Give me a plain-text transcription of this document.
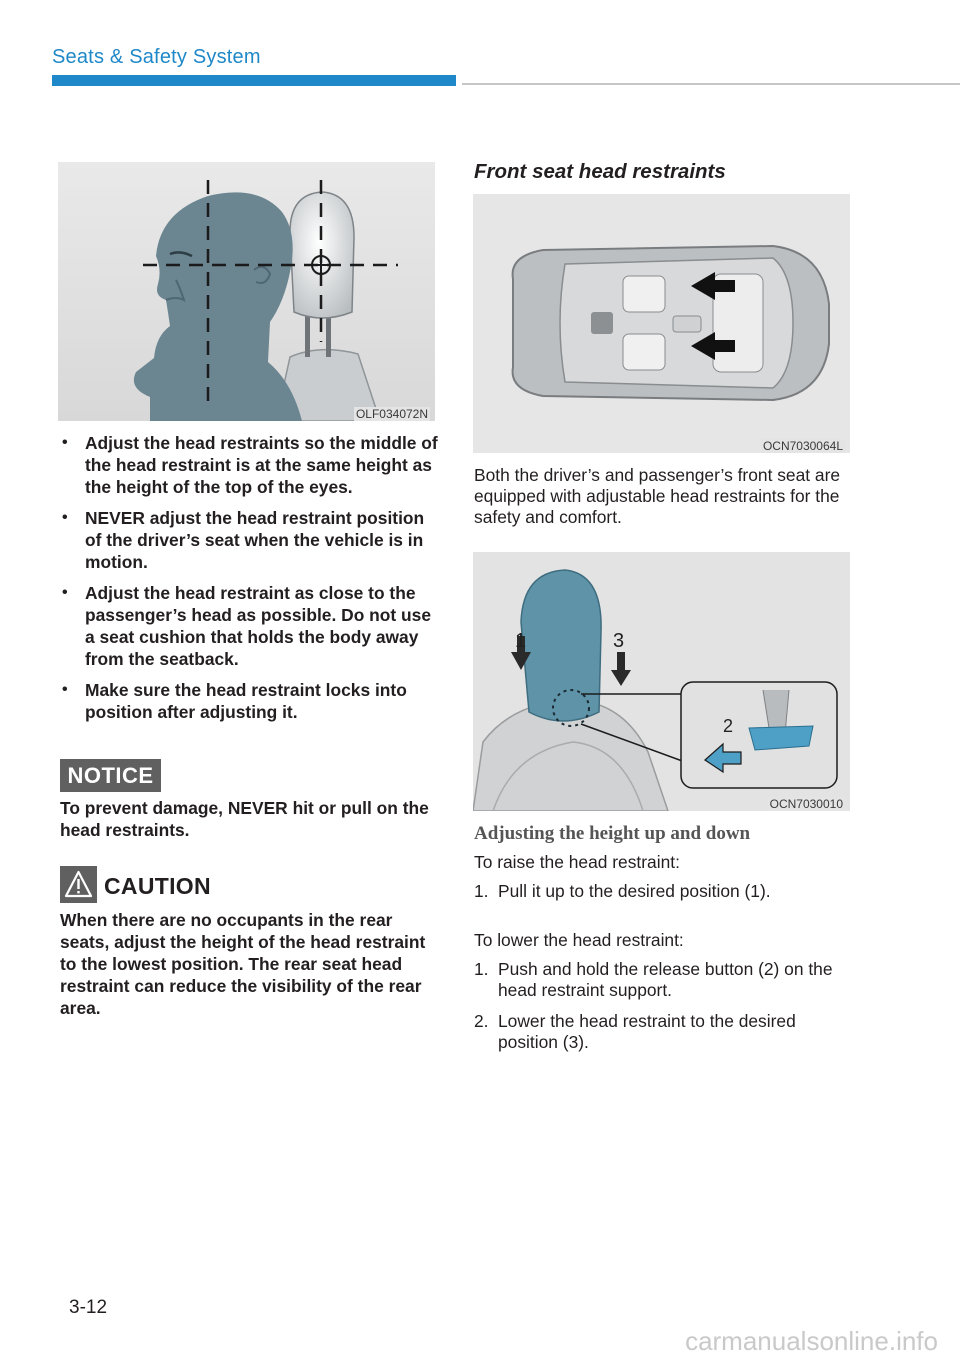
Seats & Safety System
OLF034072N
• Adjust the head restraints so the middle of the head restraint is at the same height as the height of the top of the eyes.
• NEVER adjust the head restraint position of the driver’s seat when the vehicle is in motion.
• Adjust the head restraint as close to the passenger’s head as possible. Do not use a seat cushion that holds the body away from the seatback.
• Make sure the head restraint locks into position after adjusting it.
NOTICE
To prevent damage, NEVER hit or pull on the head restraints.
CAUTION
When there are no occupants in the rear seats, adjust the height of the head restraint to the lowest position. The rear seat head restraint can reduce the visibility of the rear area.
Front seat head restraints
OCN7030064L
Both the driver’s and passenger’s front seat are equipped with adjustable head restraints for the safety and comfort.
1	3
2
OCN7030010
Adjusting the height up and down
To raise the head restraint:
1. Pull it up to the desired position (1).
To lower the head restraint:
1. Push and hold the release button (2) on the head restraint support.
2. Lower the head restraint to the desired position (3).
3-12
carmanualsonline.info
